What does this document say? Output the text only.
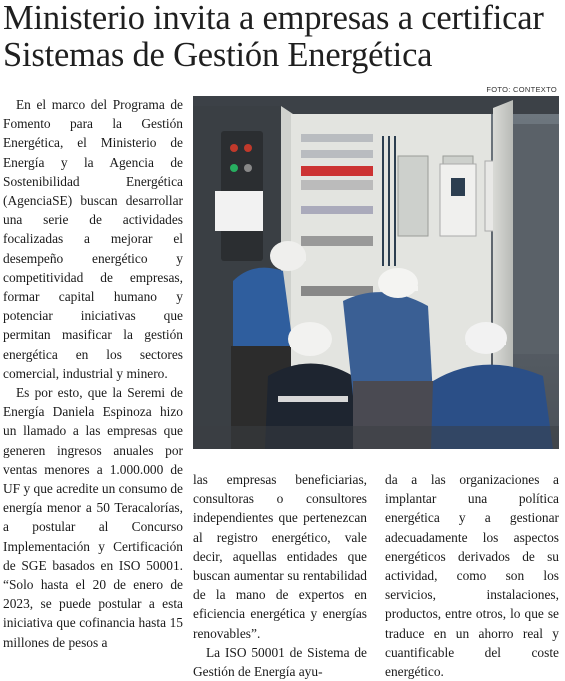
Ministerio invita a empresas a certificar
Sistemas de Gestión Energética
FOTO: CONTEXTO

En el marco del Programa de Fomento para la Gestión Energética, el Ministerio de Energía y la Agencia de Sostenibilidad Energética (AgenciaSE) buscan desarrollar una serie de actividades focalizadas a mejorar el desempeño energético y competitividad de empresas, formar capital humano y potenciar iniciativas que permitan masificar la gestión energética en los sectores comercial, industrial y minero.

Es por esto, que la Seremi de Energía Daniela Espinoza hizo un llamado a las empresas que generen ingresos anuales por ventas menores a 1.000.000 de UF y que acredite un consumo de energía menor a 50 Teracalorías, a postular al Concurso Implementación y Certificación de SGE basados en ISO 50001. “Solo hasta el 20 de enero de 2023, se puede postular a esta iniciativa que cofinancia hasta 15 millones de pesos a

las empresas beneficiarias, consultoras o consultores independientes que pertenezcan al registro energético, vale decir, aquellas entidades que buscan aumentar su rentabilidad de la mano de expertos en eficiencia energética y energías renovables”.

La ISO 50001 de Sistema de Gestión de Energía ayu-

da a las organizaciones a implantar una política energética y a gestionar adecuadamente los aspectos energéticos derivados de su actividad, como son los servicios, instalaciones, productos, entre otros, lo que se traduce en un ahorro real y cuantificable del coste energético.
